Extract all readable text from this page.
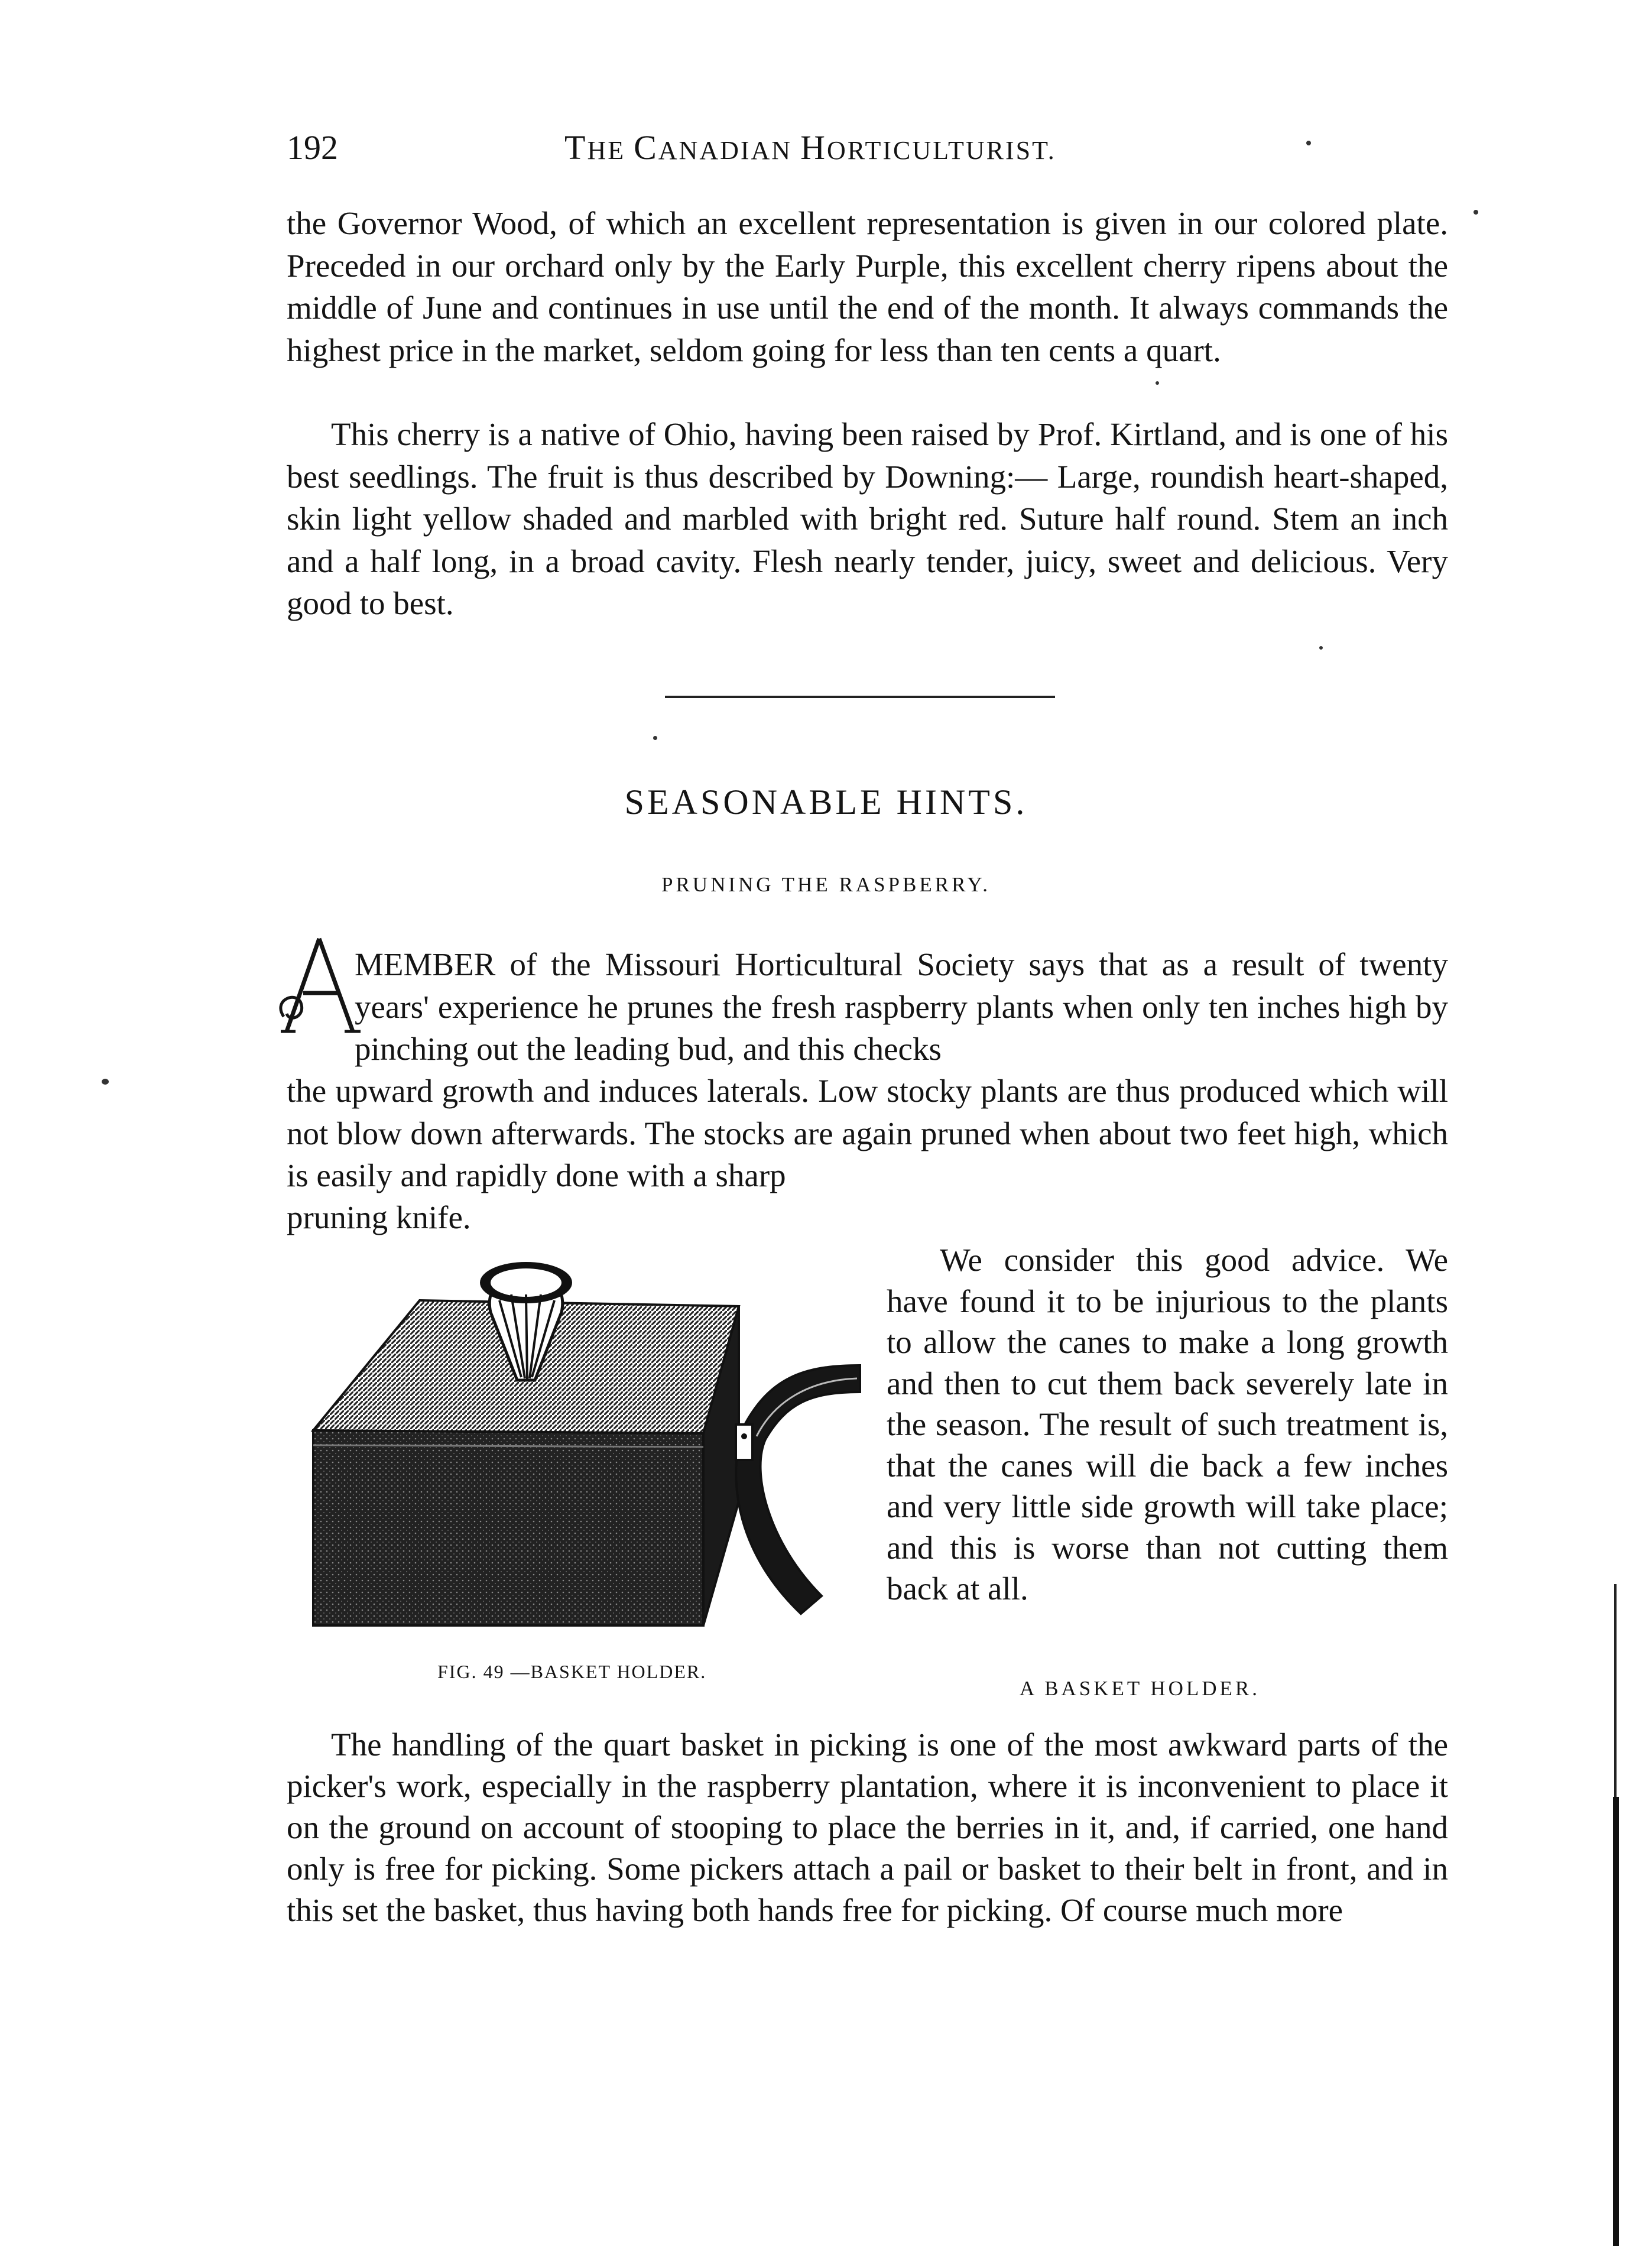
192	THE CANADIAN HORTICULTURIST.

the Governor Wood, of which an excellent representation is given in our colored plate. Preceded in our orchard only by the Early Purple, this excellent cherry ripens about the middle of June and continues in use until the end of the month. It always commands the highest price in the market, seldom going for less than ten cents a quart.

This cherry is a native of Ohio, having been raised by Prof. Kirtland, and is one of his best seedlings. The fruit is thus described by Downing:— Large, roundish heart-shaped, skin light yellow shaded and marbled with bright red. Suture half round. Stem an inch and a half long, in a broad cavity. Flesh nearly tender, juicy, sweet and delicious. Very good to best.

SEASONABLE HINTS.
PRUNING THE RASPBERRY.

MEMBER of the Missouri Horticultural Society says that as a result of twenty years' experience he prunes the fresh raspberry plants when only ten inches high by pinching out the leading bud, and this checks

the upward growth and induces laterals. Low stocky plants are thus produced which will not blow down afterwards. The stocks are again pruned when about two feet high, which is easily and rapidly done with a sharp

pruning knife.

FIG. 49 —BASKET HOLDER.

We consider this good advice. We have found it to be injurious to the plants to allow the canes to make a long growth and then to cut them back severely late in the season. The result of such treatment is, that the canes will die back a few inches and very little side growth will take place; and this is worse than not cutting them back at all.

A BASKET HOLDER.

The handling of the quart basket in picking is one of the most awkward parts of the picker's work, especially in the raspberry plantation, where it is inconvenient to place it on the ground on account of stooping to place the berries in it, and, if carried, one hand only is free for picking. Some pickers attach a pail or basket to their belt in front, and in this set the basket, thus having both hands free for picking. Of course much more
